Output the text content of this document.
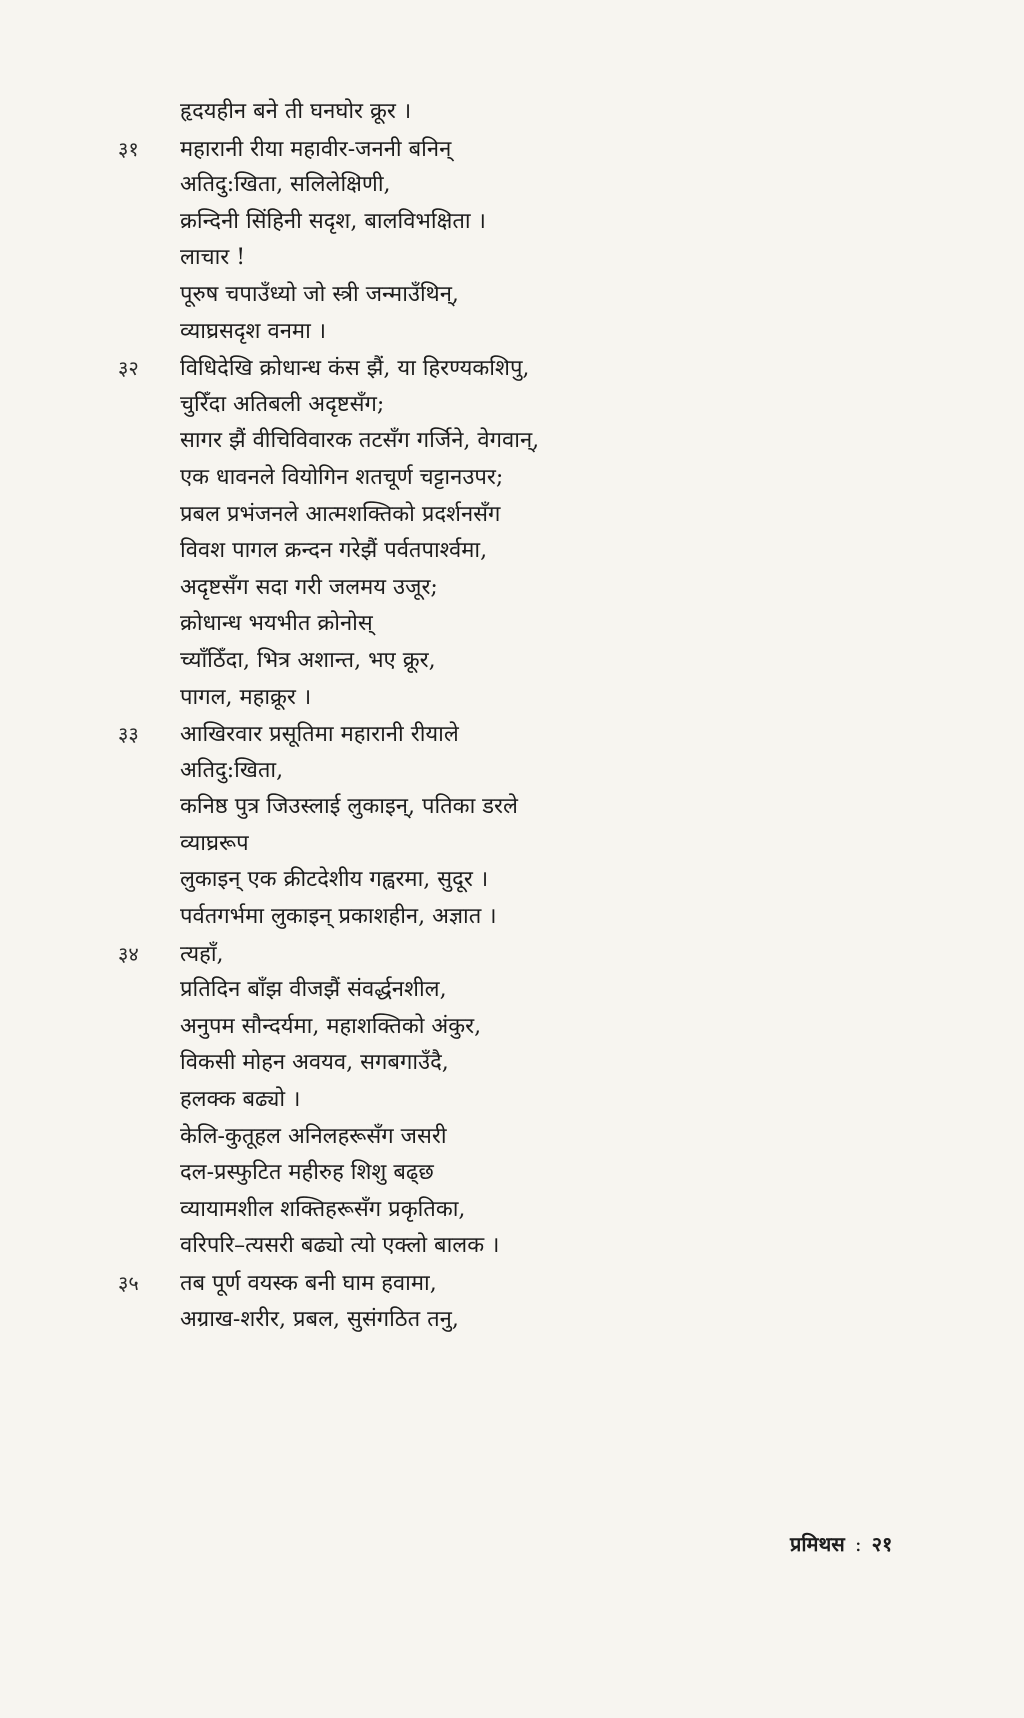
हृदयहीन बने ती घनघोर क्रूर ।
३१	महारानी रीया महावीर-जननी बनिन्
अतिदु:खिता, सलिलेक्षिणी,
क्रन्दिनी सिंहिनी सदृश, बालविभक्षिता ।
लाचार !
पूरुष चपाउँध्यो जो स्त्री जन्माउँथिन्,
व्याघ्रसदृश वनमा ।
३२	विधिदेखि क्रोधान्ध कंस झैं, या हिरण्यकशिपु,
चुरिँदा अतिबली अदृष्टसँग;
सागर झैं वीचिविवारक तटसँग गर्जिने, वेगवान्,
एक धावनले वियोगिन शतचूर्ण चट्टानउपर;
प्रबल प्रभंजनले आत्मशक्तिको प्रदर्शनसँग
विवश पागल क्रन्दन गरेझैं पर्वतपार्श्वमा,
अदृष्टसँग सदा गरी जलमय उजूर;
क्रोधान्ध भयभीत क्रोनोस्
च्याँठिँदा, भित्र अशान्त, भए क्रूर,
पागल, महाक्रूर ।
३३	आखिरवार प्रसूतिमा महारानी रीयाले
अतिदु:खिता,
कनिष्ठ पुत्र जिउस्लाई लुकाइन्, पतिका डरले
व्याघ्ररूप
लुकाइन् एक क्रीटदेशीय गह्वरमा, सुदूर ।
पर्वतगर्भमा लुकाइन् प्रकाशहीन, अज्ञात ।
३४	त्यहाँ,
प्रतिदिन बाँझ वीजझैं संवर्द्धनशील,
अनुपम सौन्दर्यमा, महाशक्तिको अंकुर,
विकसी मोहन अवयव, सगबगाउँदै,
हलक्क बढ्यो ।
केलि-कुतूहल अनिलहरूसँग जसरी
दल-प्रस्फुटित महीरुह शिशु बढ्छ
व्यायामशील शक्तिहरूसँग प्रकृतिका,
वरिपरि–त्यसरी बढ्यो त्यो एक्लो बालक ।
३५	तब पूर्ण वयस्क बनी घाम हवामा,
अग्राख-शरीर, प्रबल, सुसंगठित तनु,
प्रमिथस : २१
